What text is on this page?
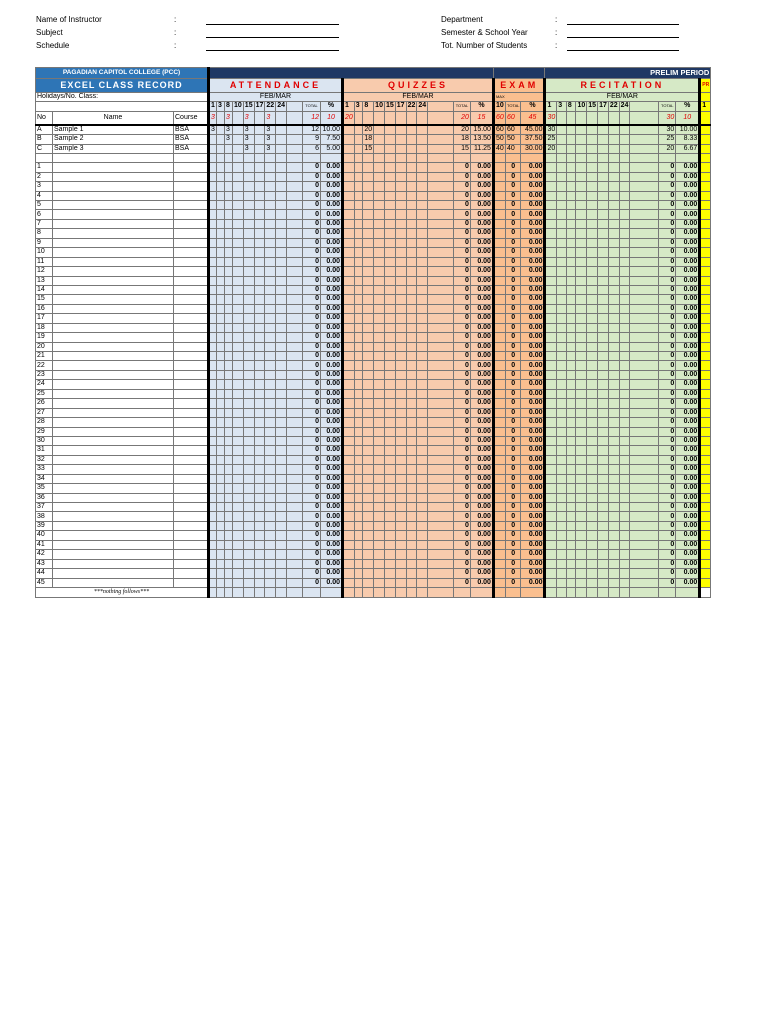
Name of Instructor	:
Subject	:
Schedule	:
Department	:
Semester & School Year	:
Tot. Number of Students	:
PAGADIAN CAPITOL COLLEGE (PCC)																												PRELIM PERIOD											
EXCEL CLASS RECORD			ATTENDANCE											QUIZZES											EXAM			RECITATION											PR
Holidays/No. Class:			FEB/MAR											FEB/MAR											MAX			FEB/MAR											
			1	3	8	10	15	17	22	24		TOTAL	%	1	3	8	10	15	17	22	24		TOTAL	%	10	TOTAL	%	1	3	8	10	15	17	22	24		TOTAL	%	1
No	Name	Course	3		3		3		3			12	10	20									20	15	60	60	45	30									30	10	
A	Sample 1	BSA	3		3		3		3			12	10.00			20							20	15.00	60	60	45.00	30									30	10.00	
B	Sample 2	BSA			3		3		3			9	7.50			18							18	13.50	50	50	37.50	25									25	8.33	
C	Sample 3	BSA					3		3			6	5.00			15							15	11.25	40	40	30.00	20									20	6.67	

1												0	0.00										0	0.00		0	0.00										0	0.00	
2												0	0.00										0	0.00		0	0.00										0	0.00	
3												0	0.00										0	0.00		0	0.00										0	0.00	
4												0	0.00										0	0.00		0	0.00										0	0.00	
5												0	0.00										0	0.00		0	0.00										0	0.00	
6												0	0.00										0	0.00		0	0.00										0	0.00	
7												0	0.00										0	0.00		0	0.00										0	0.00	
8												0	0.00										0	0.00		0	0.00										0	0.00	
9												0	0.00										0	0.00		0	0.00										0	0.00	
10												0	0.00										0	0.00		0	0.00										0	0.00	
11												0	0.00										0	0.00		0	0.00										0	0.00	
12												0	0.00										0	0.00		0	0.00										0	0.00	
13												0	0.00										0	0.00		0	0.00										0	0.00	
14												0	0.00										0	0.00		0	0.00										0	0.00	
15												0	0.00										0	0.00		0	0.00										0	0.00	
16												0	0.00										0	0.00		0	0.00										0	0.00	
17												0	0.00										0	0.00		0	0.00										0	0.00	
18												0	0.00										0	0.00		0	0.00										0	0.00	
19												0	0.00										0	0.00		0	0.00										0	0.00	
20												0	0.00										0	0.00		0	0.00										0	0.00	
21												0	0.00										0	0.00		0	0.00										0	0.00	
22												0	0.00										0	0.00		0	0.00										0	0.00	
23												0	0.00										0	0.00		0	0.00										0	0.00	
24												0	0.00										0	0.00		0	0.00										0	0.00	
25												0	0.00										0	0.00		0	0.00										0	0.00	
26												0	0.00										0	0.00		0	0.00										0	0.00	
27												0	0.00										0	0.00		0	0.00										0	0.00	
28												0	0.00										0	0.00		0	0.00										0	0.00	
29												0	0.00										0	0.00		0	0.00										0	0.00	
30												0	0.00										0	0.00		0	0.00										0	0.00	
31												0	0.00										0	0.00		0	0.00										0	0.00	
32												0	0.00										0	0.00		0	0.00										0	0.00	
33												0	0.00										0	0.00		0	0.00										0	0.00	
34												0	0.00										0	0.00		0	0.00										0	0.00	
35												0	0.00										0	0.00		0	0.00										0	0.00	
36												0	0.00										0	0.00		0	0.00										0	0.00	
37												0	0.00										0	0.00		0	0.00										0	0.00	
38												0	0.00										0	0.00		0	0.00										0	0.00	
39												0	0.00										0	0.00		0	0.00										0	0.00	
40												0	0.00										0	0.00		0	0.00										0	0.00	
41												0	0.00										0	0.00		0	0.00										0	0.00	
42												0	0.00										0	0.00		0	0.00										0	0.00	
43												0	0.00										0	0.00		0	0.00										0	0.00	
44												0	0.00										0	0.00		0	0.00										0	0.00	
45												0	0.00										0	0.00		0	0.00										0	0.00	
***nothing follows***																																							
